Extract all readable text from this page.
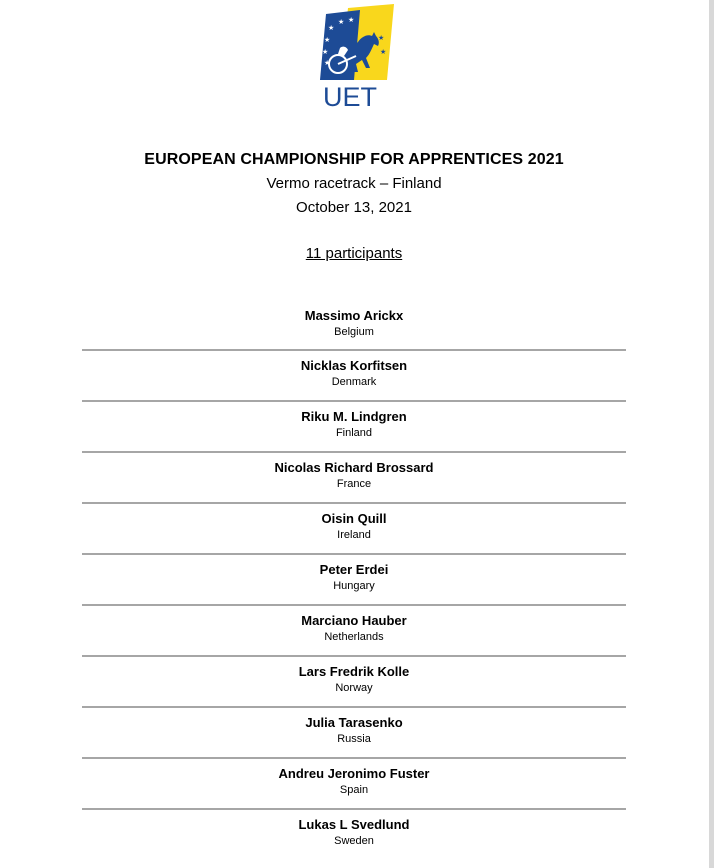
★
★ ★
★
★
★
★
★
UET
EUROPEAN CHAMPIONSHIP FOR APPRENTICES 2021
Vermo racetrack – Finland
October 13, 2021
11 participants
Massimo Arickx
Belgium
Nicklas Korfitsen
Denmark
Riku M. Lindgren
Finland
Nicolas Richard Brossard
France
Oisin Quill
Ireland
Peter Erdei
Hungary
Marciano Hauber
Netherlands
Lars Fredrik Kolle
Norway
Julia Tarasenko
Russia
Andreu Jeronimo Fuster
Spain
Lukas L Svedlund
Sweden
